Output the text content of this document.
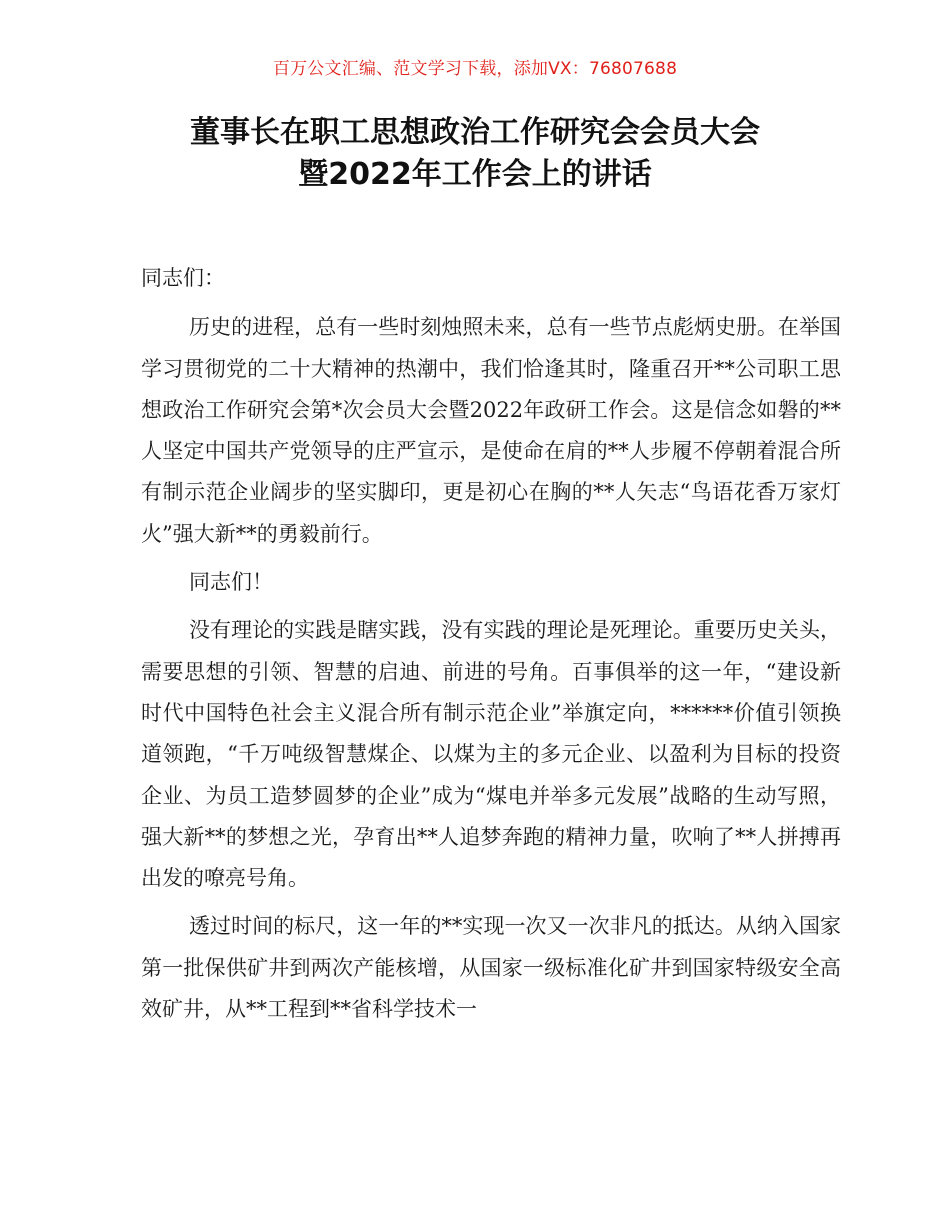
百万公文汇编、范文学习下载，添加VX：76807688
董事长在职工思想政治工作研究会会员大会
暨2022年工作会上的讲话

同志们：

历史的进程，总有一些时刻烛照未来，总有一些节点彪炳史册。在举国学习贯彻党的二十大精神的热潮中，我们恰逢其时，隆重召开**公司职工思想政治工作研究会第*次会员大会暨2022年政研工作会。这是信念如磐的**人坚定中国共产党领导的庄严宣示，是使命在肩的**人步履不停朝着混合所有制示范企业阔步的坚实脚印，更是初心在胸的**人矢志“鸟语花香万家灯火”强大新**的勇毅前行。

同志们！

没有理论的实践是瞎实践，没有实践的理论是死理论。重要历史关头，需要思想的引领、智慧的启迪、前进的号角。百事俱举的这一年，“建设新时代中国特色社会主义混合所有制示范企业”举旗定向，******价值引领换道领跑，“千万吨级智慧煤企、以煤为主的多元企业、以盈利为目标的投资企业、为员工造梦圆梦的企业”成为“煤电并举多元发展”战略的生动写照，强大新**的梦想之光，孕育出**人追梦奔跑的精神力量，吹响了**人拼搏再出发的嘹亮号角。

透过时间的标尺，这一年的**实现一次又一次非凡的抵达。从纳入国家第一批保供矿井到两次产能核增，从国家一级标准化矿井到国家特级安全高效矿井，从**工程到**省科学技术一
